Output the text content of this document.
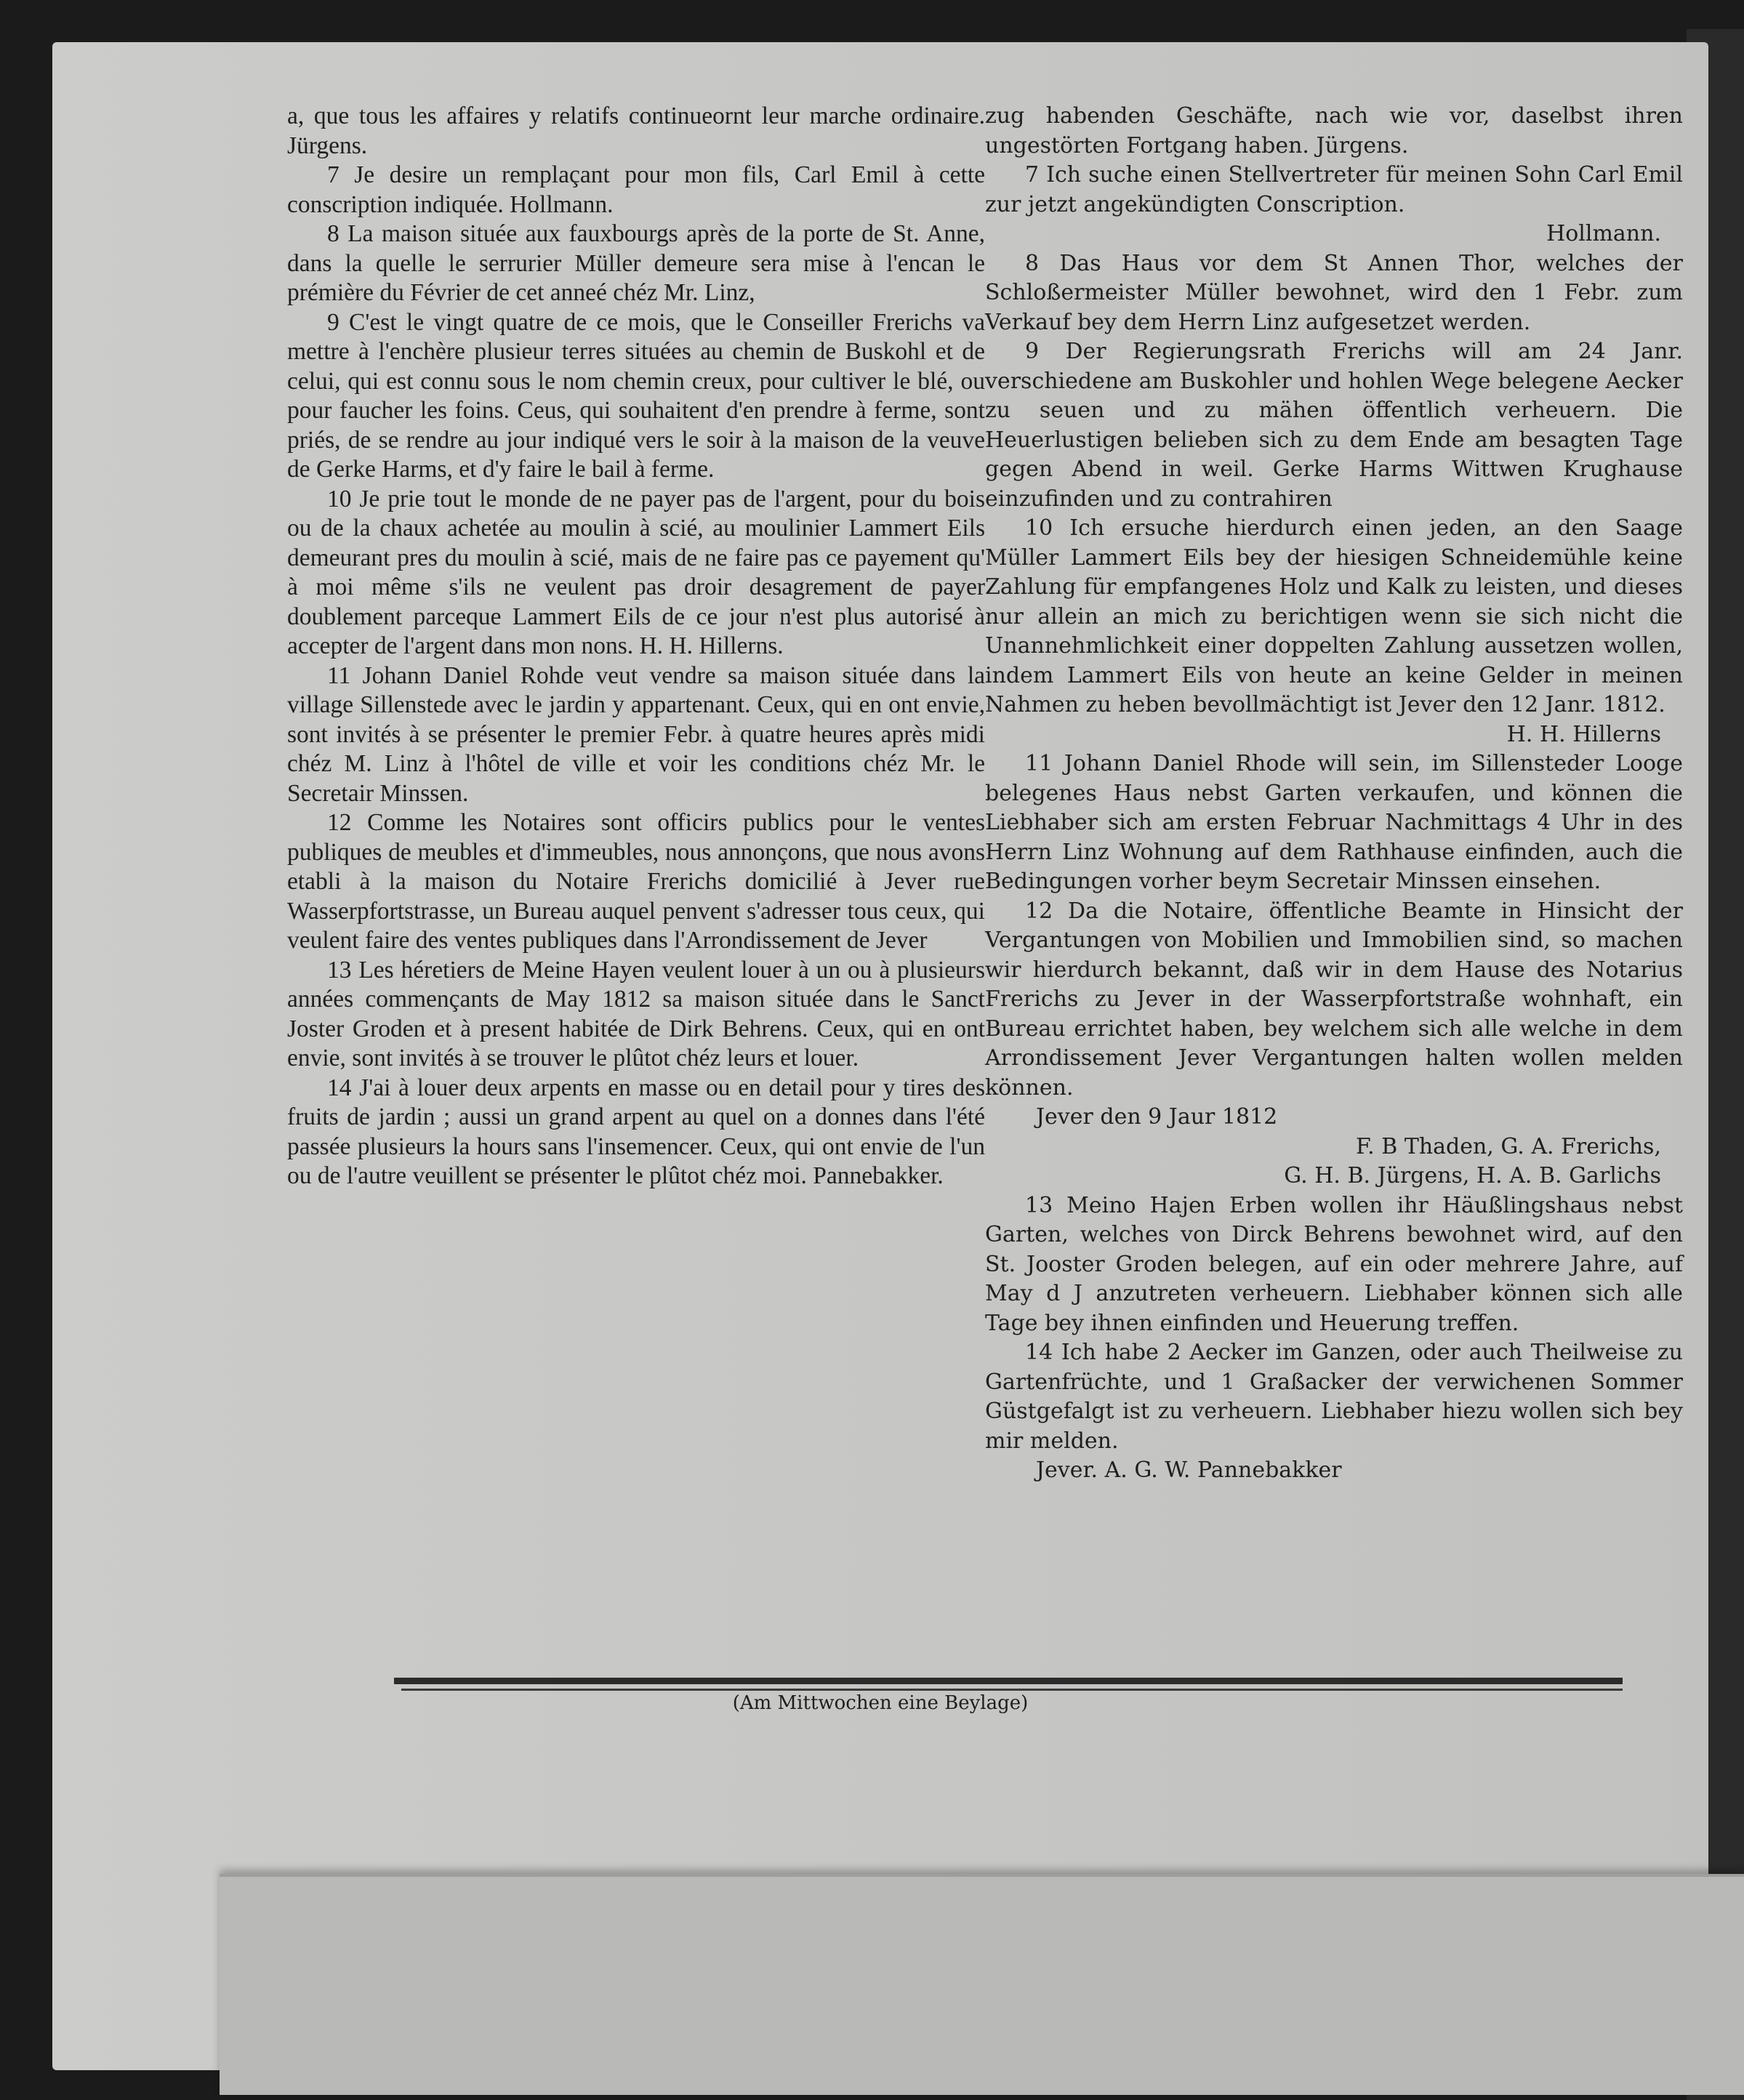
(Am Mittwochen eine Beylage)

a, que tous les affaires y relatifs continueornt leur marche ordinaire. Jürgens.

7 Je desire un remplaçant pour mon fils, Carl Emil à cette conscription indiquée. Hollmann.

8 La maison située aux fauxbourgs après de la porte de St. Anne, dans la quelle le serrurier Müller demeure sera mise à l'encan le prémière du Février de cet anneé chéz Mr. Linz,

9 C'est le vingt quatre de ce mois, que le Conseiller Frerichs va mettre à l'enchère plusieur terres situées au chemin de Buskohl et de celui, qui est connu sous le nom chemin creux, pour cultiver le blé, ou pour faucher les foins. Ceus, qui souhaitent d'en prendre à ferme, sont priés, de se rendre au jour indiqué vers le soir à la maison de la veuve de Gerke Harms, et d'y faire le bail à ferme.

10 Je prie tout le monde de ne payer pas de l'argent, pour du bois ou de la chaux achetée au moulin à scié, au moulinier Lammert Eils demeurant pres du moulin à scié, mais de ne faire pas ce payement qu' à moi même s'ils ne veulent pas droir desagrement de payer doublement parceque Lammert Eils de ce jour n'est plus autorisé à accepter de l'argent dans mon nons. H. H. Hillerns.

11 Johann Daniel Rohde veut vendre sa maison située dans la village Sillenstede avec le jardin y appartenant. Ceux, qui en ont envie, sont invités à se présenter le premier Febr. à quatre heures après midi chéz M. Linz à l'hôtel de ville et voir les conditions chéz Mr. le Secretair Minssen.

12 Comme les Notaires sont officirs publics pour le ventes publiques de meubles et d'immeubles, nous annonçons, que nous avons etabli à la maison du Notaire Frerichs domicilié à Jever rue Wasserpfortstrasse, un Bureau auquel penvent s'adresser tous ceux, qui veulent faire des ventes publiques dans l'Arrondissement de Jever

13 Les héretiers de Meine Hayen veulent louer à un ou à plusieurs années commençants de May 1812 sa maison située dans le Sanct Joster Groden et à present habitée de Dirk Behrens. Ceux, qui en ont envie, sont invités à se trouver le plûtot chéz leurs et louer.

14 J'ai à louer deux arpents en masse ou en detail pour y tires des fruits de jardin ; aussi un grand arpent au quel on a donnes dans l'été passée plusieurs la hours sans l'insemencer. Ceux, qui ont envie de l'un ou de l'autre veuillent se présenter le plûtot chéz moi. Pannebakker.

zug habenden Geschäfte, nach wie vor, daselbst ihren ungestörten Fortgang haben. Jürgens.

7 Ich suche einen Stellvertreter für meinen Sohn Carl Emil zur jetzt angekündigten Conscription.

Hollmann.

8 Das Haus vor dem St Annen Thor, welches der Schloßermeister Müller bewohnet, wird den 1 Febr. zum Verkauf bey dem Herrn Linz aufgesetzet werden.

9 Der Regierungsrath Frerichs will am 24 Janr. verschiedene am Buskohler und hohlen Wege belegene Aecker zu seuen und zu mähen öffentlich verheuern. Die Heuerlustigen belieben sich zu dem Ende am besagten Tage gegen Abend in weil. Gerke Harms Wittwen Krughause einzufinden und zu contrahiren

10 Ich ersuche hierdurch einen jeden, an den Saage Müller Lammert Eils bey der hiesigen Schneidemühle keine Zahlung für empfangenes Holz und Kalk zu leisten, und dieses nur allein an mich zu berichtigen wenn sie sich nicht die Unannehmlichkeit einer doppelten Zahlung aussetzen wollen, indem Lammert Eils von heute an keine Gelder in meinen Nahmen zu heben bevollmächtigt ist Jever den 12 Janr. 1812.

H. H. Hillerns

11 Johann Daniel Rhode will sein, im Sillensteder Looge belegenes Haus nebst Garten verkaufen, und können die Liebhaber sich am ersten Februar Nachmittags 4 Uhr in des Herrn Linz Wohnung auf dem Rathhause einfinden, auch die Bedingungen vorher beym Secretair Minssen einsehen.

12 Da die Notaire, öffentliche Beamte in Hinsicht der Vergantungen von Mobilien und Immobilien sind, so machen wir hierdurch bekannt, daß wir in dem Hause des Notarius Frerichs zu Jever in der Wasserpfortstraße wohnhaft, ein Bureau errichtet haben, bey welchem sich alle welche in dem Arrondissement Jever Vergantungen halten wollen melden können.

Jever den 9 Jaur 1812

F. B Thaden, G. A. Frerichs,

G. H. B. Jürgens, H. A. B. Garlichs

13 Meino Hajen Erben wollen ihr Häußlingshaus nebst Garten, welches von Dirck Behrens bewohnet wird, auf den St. Jooster Groden belegen, auf ein oder mehrere Jahre, auf May d J anzutreten verheuern. Liebhaber können sich alle Tage bey ihnen einfinden und Heuerung treffen.

14 Ich habe 2 Aecker im Ganzen, oder auch Theilweise zu Gartenfrüchte, und 1 Graßacker der verwichenen Sommer Güstgefalgt ist zu verheuern. Liebhaber hiezu wollen sich bey mir melden.

Jever. A. G. W. Pannebakker
